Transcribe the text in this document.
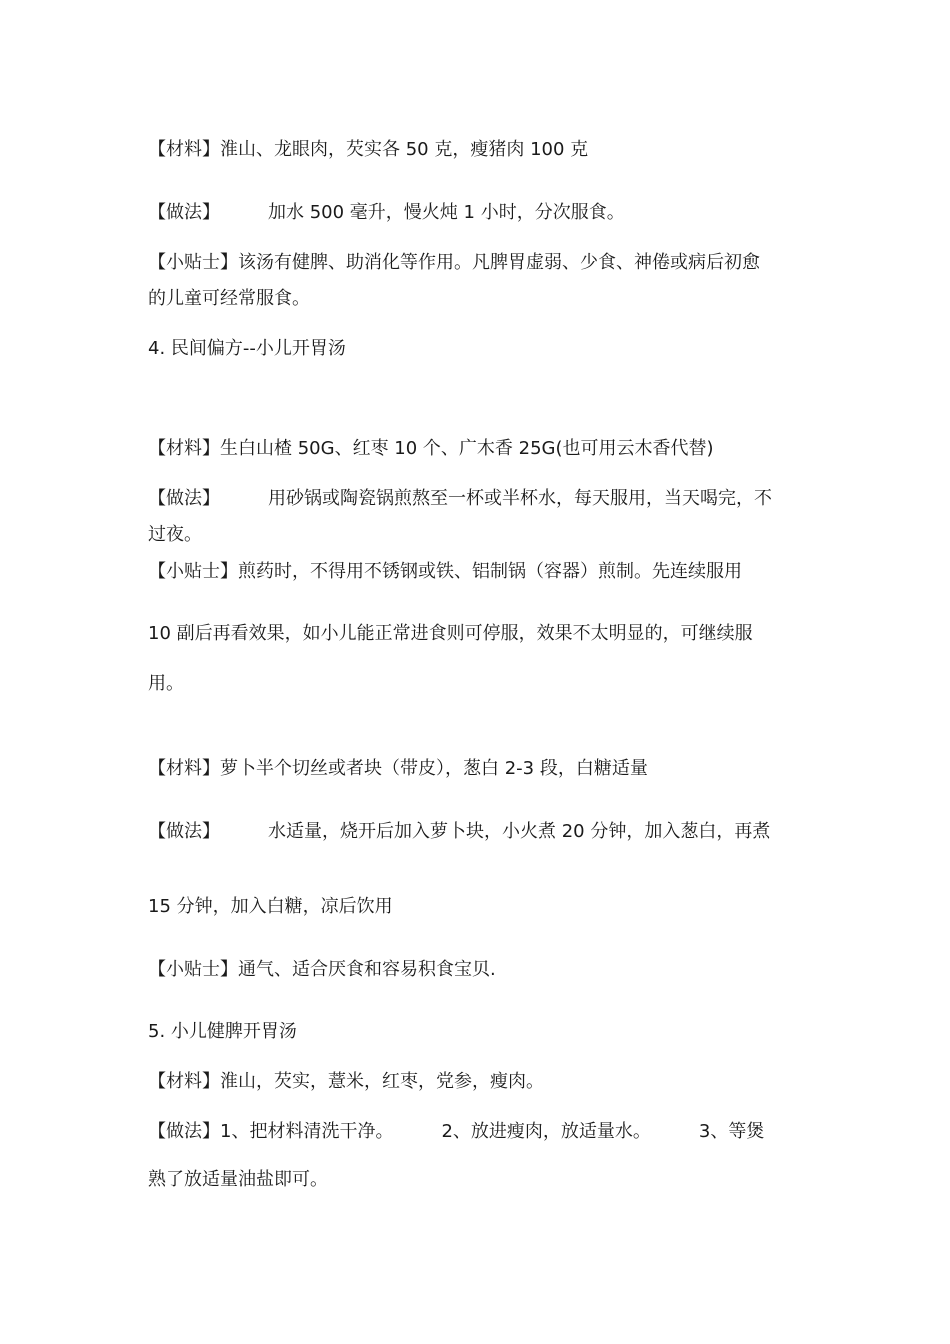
【材料】淮山、龙眼肉，芡实各 50 克，瘦猪肉 100 克
【做法】	加水 500 毫升，慢火炖 1 小时，分次服食。
【小贴士】该汤有健脾、助消化等作用。凡脾胃虚弱、少食、神倦或病后初愈
的儿童可经常服食。
4. 民间偏方--小儿开胃汤
【材料】生白山楂 50G、红枣 10 个、广木香 25G(也可用云木香代替)
【做法】	用砂锅或陶瓷锅煎熬至一杯或半杯水，每天服用，当天喝完，不
过夜。
【小贴士】煎药时，不得用不锈钢或铁、铝制锅（容器）煎制。先连续服用
10 副后再看效果，如小儿能正常进食则可停服，效果不太明显的，可继续服
用。
【材料】萝卜半个切丝或者块（带皮），葱白 2-3 段，白糖适量
【做法】	水适量，烧开后加入萝卜块，小火煮 20 分钟，加入葱白，再煮
15 分钟，加入白糖，凉后饮用
【小贴士】通气、适合厌食和容易积食宝贝.
5. 小儿健脾开胃汤
【材料】淮山，芡实，薏米，红枣，党参，瘦肉。
【做法】1、把材料清洗干净。	2、放进瘦肉，放适量水。	3、等煲
熟了放适量油盐即可。
